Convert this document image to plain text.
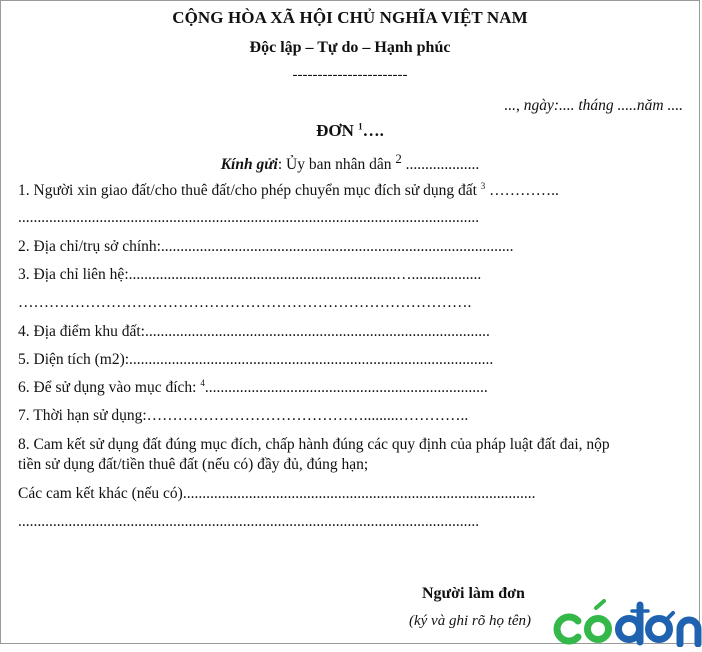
CỘNG HÒA XÃ HỘI CHỦ NGHĨA VIỆT NAM
Độc lập – Tự do – Hạnh phúc
-----------------------
..., ngày:.... tháng .....năm ....
ĐƠN $^1$….
Kính gửi: Ủy ban nhân dân $^2$ ...................
1. Người xin giao đất/cho thuê đất/cho phép chuyển mục đích sử dụng đất $^3$ …………..
.......................................................................................................................
2. Địa chỉ/trụ sở chính:...........................................................................................
3. Địa chỉ liên hệ:.....................................................................…..................
…………………………………………………………………………….
4. Địa điểm khu đất:.........................................................................................
5. Diện tích (m2):..............................................................................................
6. Để sử dụng vào mục đích: $^4$.........................................................................
7. Thời hạn sử dụng:…………………………………….........…………..
8. Cam kết sử dụng đất đúng mục đích, chấp hành đúng các quy định của pháp luật đất đai, nộp
tiền sử dụng đất/tiền thuê đất (nếu có) đầy đủ, đúng hạn;
Các cam kết khác (nếu có)...........................................................................................
.......................................................................................................................
Người làm đơn
(ký và ghi rõ họ tên)
